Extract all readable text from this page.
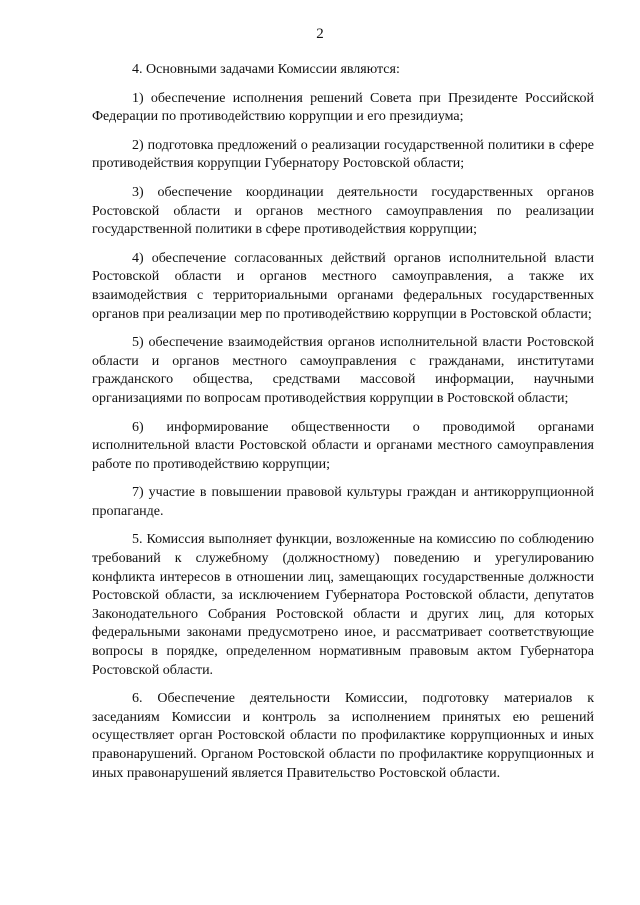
2

4. Основными задачами Комиссии являются:

1) обеспечение исполнения решений Совета при Президенте Российской Федерации по противодействию коррупции и его президиума;

2) подготовка предложений о реализации государственной политики в сфере противодействия коррупции Губернатору Ростовской области;

3) обеспечение координации деятельности государственных органов Ростовской области и органов местного самоуправления по реализации государственной политики в сфере противодействия коррупции;

4) обеспечение согласованных действий органов исполнительной власти Ростовской области и органов местного самоуправления, а также их взаимодействия с территориальными органами федеральных государственных органов при реализации мер по противодействию коррупции в Ростовской области;

5) обеспечение взаимодействия органов исполнительной власти Ростовской области и органов местного самоуправления с гражданами, институтами гражданского общества, средствами массовой информации, научными организациями по вопросам противодействия коррупции в Ростовской области;

6) информирование общественности о проводимой органами исполнительной власти Ростовской области и органами местного самоуправления работе по противодействию коррупции;

7) участие в повышении правовой культуры граждан и антикоррупционной пропаганде.

5. Комиссия выполняет функции, возложенные на комиссию по соблюдению требований к служебному (должностному) поведению и урегулированию конфликта интересов в отношении лиц, замещающих государственные должности Ростовской области, за исключением Губернатора Ростовской области, депутатов Законодательного Собрания Ростовской области и других лиц, для которых федеральными законами предусмотрено иное, и рассматривает соответствующие вопросы в порядке, определенном нормативным правовым актом Губернатора Ростовской области.

6. Обеспечение деятельности Комиссии, подготовку материалов к заседаниям Комиссии и контроль за исполнением принятых ею решений осуществляет орган Ростовской области по профилактике коррупционных и иных правонарушений. Органом Ростовской области по профилактике коррупционных и иных правонарушений является Правительство Ростовской области.
